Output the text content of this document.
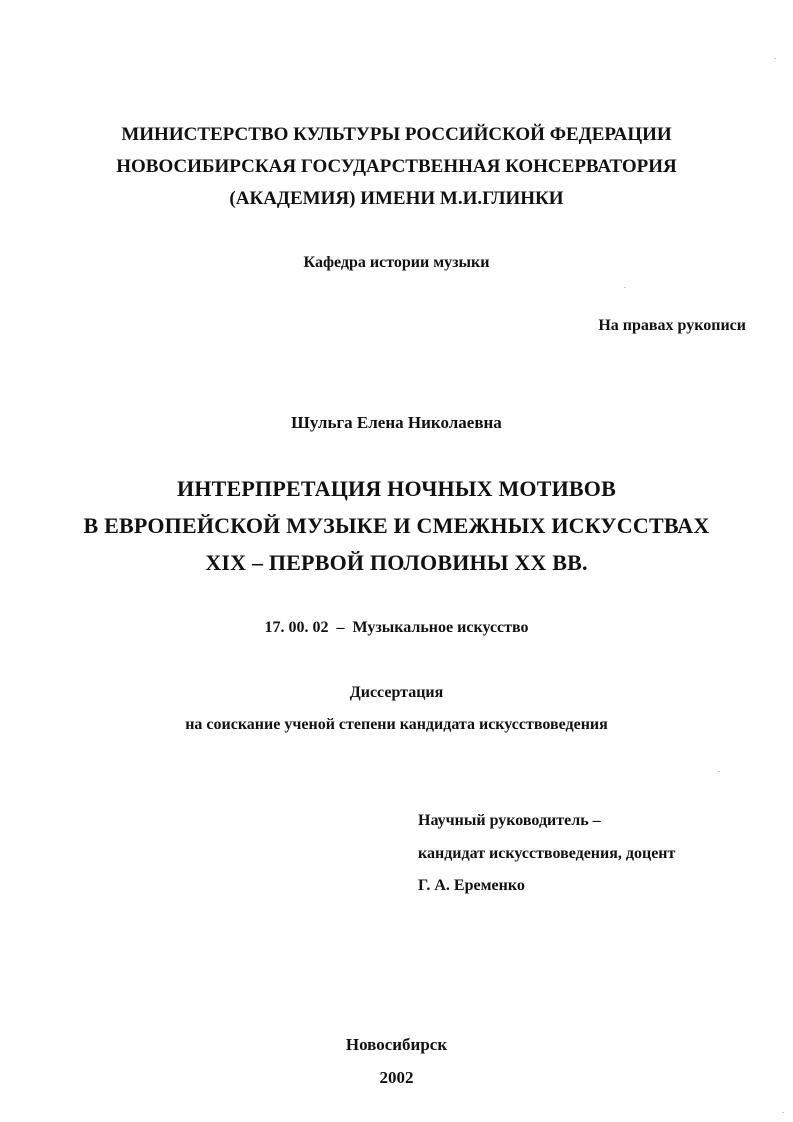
МИНИСТЕРСТВО КУЛЬТУРЫ РОССИЙСКОЙ ФЕДЕРАЦИИ
НОВОСИБИРСКАЯ ГОСУДАРСТВЕННАЯ КОНСЕРВАТОРИЯ
(АКАДЕМИЯ) ИМЕНИ М.И.ГЛИНКИ
Кафедра истории музыки
На правах рукописи
Шульга Елена Николаевна
ИНТЕРПРЕТАЦИЯ НОЧНЫХ МОТИВОВ
В ЕВРОПЕЙСКОЙ МУЗЫКЕ И СМЕЖНЫХ ИСКУССТВАХ
XIX – ПЕРВОЙ ПОЛОВИНЫ XX ВВ.
17. 00. 02 – Музыкальное искусство
Диссертация
на соискание ученой степени кандидата искусствоведения
Научный руководитель –
кандидат искусствоведения, доцент
Г. А. Еременко
Новосибирск
2002
